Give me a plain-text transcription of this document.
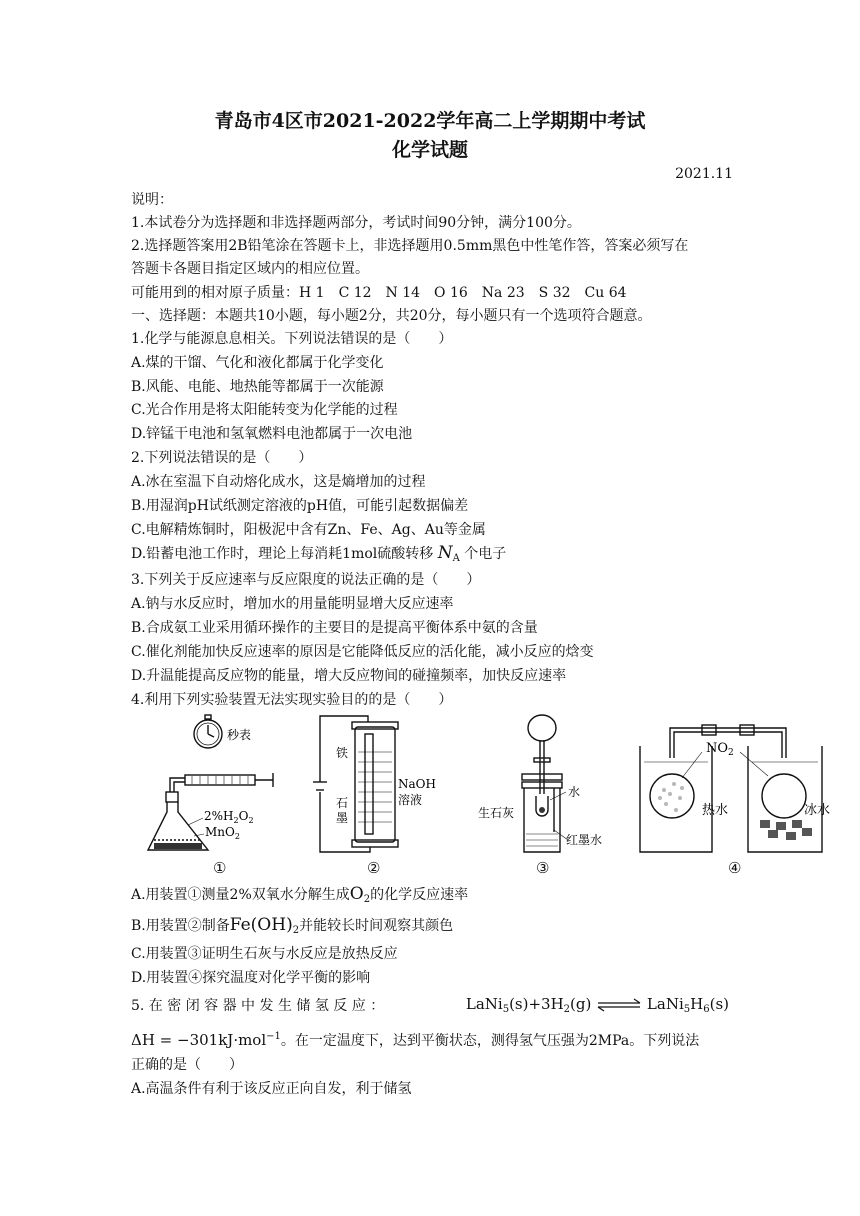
青岛市4区市2021-2022学年高二上学期期中考试
化学试题
2021.11
说明：
1.本试卷分为选择题和非选择题两部分，考试时间90分钟，满分100分。
2.选择题答案用2B铅笔涂在答题卡上，非选择题用0.5mm黑色中性笔作答，答案必须写在
答题卡各题目指定区域内的相应位置。
可能用到的相对原子质量：H 1　C 12　N 14　O 16　Na 23　S 32　Cu 64
一、选择题：本题共10小题，每小题2分，共20分，每小题只有一个选项符合题意。
1.化学与能源息息相关。下列说法错误的是（　　）
A.煤的干馏、气化和液化都属于化学变化
B.风能、电能、地热能等都属于一次能源
C.光合作用是将太阳能转变为化学能的过程
D.锌锰干电池和氢氧燃料电池都属于一次电池
2.下列说法错误的是（　　）
A.冰在室温下自动熔化成水，这是熵增加的过程
B.用湿润pH试纸测定溶液的pH值，可能引起数据偏差
C.电解精炼铜时，阳极泥中含有Zn、Fe、Ag、Au等金属
D.铅蓄电池工作时，理论上每消耗1mol硫酸转移 $N_A$ 个电子
3.下列关于反应速率与反应限度的说法正确的是（　　）
A.钠与水反应时，增加水的用量能明显增大反应速率
B.合成氨工业采用循环操作的主要目的是提高平衡体系中氨的含量
C.催化剂能加快反应速率的原因是它能降低反应的活化能，减小反应的焓变
D.升温能提高反应物的能量，增大反应物间的碰撞频率，加快反应速率
4.利用下列实验装置无法实现实验目的的是（　　）
秒表
$2\%H_2O_2$
MnO$_2$
铁
石
墨
NaOH
溶液
生石灰
水
红墨水
$NO_2$
热水	冰水
①	②	③	④
A.用装置①测量2%双氧水分解生成$O_2$的化学反应速率
B.用装置②制备$Fe(OH)_2$并能较长时间观察其颜色
C.用装置③证明生石灰与水反应是放热反应
D.用装置④探究温度对化学平衡的影响
5. 在 密 闭 容 器 中 发 生 储 氢 反 应 ：	$LaNi_5(s)+3H_2(g)$ ⇌ $LaNi_5H_6(s)$
ΔH = −301kJ·mol$^{-1}$。在一定温度下，达到平衡状态，测得氢气压强为2MPa。下列说法
正确的是（　　）
A.高温条件有利于该反应正向自发，利于储氢
